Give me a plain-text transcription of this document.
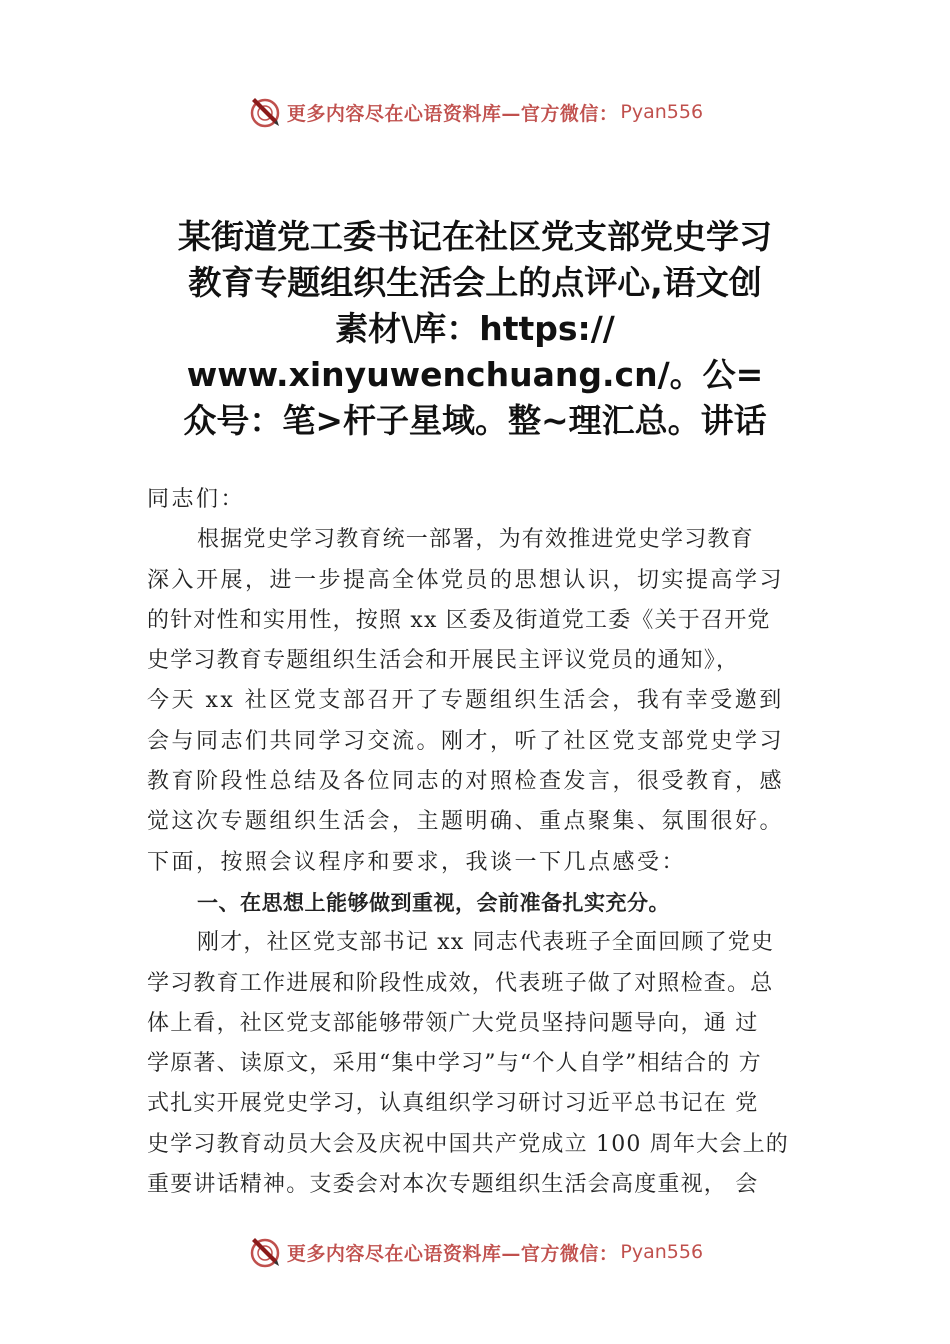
更多内容尽在心语资料库—官方微信： Pyan556
某街道党工委书记在社区党支部党史学习
教育专题组织生活会上的点评心,语文创
素材\库：https://
www.xinyuwenchuang.cn/。公=
众号：笔>杆子星域。整~理汇总。讲话
同志们：
根据党史学习教育统一部署，为有效推进党史学习教育
深入开展，进一步提高全体党员的思想认识，切实提高学习
的针对性和实用性，按照 xx 区委及街道党工委《关于召开党
史学习教育专题组织生活会和开展民主评议党员的通知》，
今天 xx 社区党支部召开了专题组织生活会，我有幸受邀到
会与同志们共同学习交流。刚才，听了社区党支部党史学习
教育阶段性总结及各位同志的对照检查发言，很受教育，感
觉这次专题组织生活会，主题明确、重点聚集、氛围很好。
下面，按照会议程序和要求，我谈一下几点感受：
一、在思想上能够做到重视，会前准备扎实充分。
刚才，社区党支部书记 xx 同志代表班子全面回顾了党史
学习教育工作进展和阶段性成效，代表班子做了对照检查。总
体上看，社区党支部能够带领广大党员坚持问题导向，通 过
学原著、读原文，采用“集中学习”与“个人自学”相结合的 方
式扎实开展党史学习，认真组织学习研讨习近平总书记在 党
史学习教育动员大会及庆祝中国共产党成立 100 周年大会上的
重要讲话精神。支委会对本次专题组织生活会高度重视， 会
更多内容尽在心语资料库—官方微信： Pyan556
